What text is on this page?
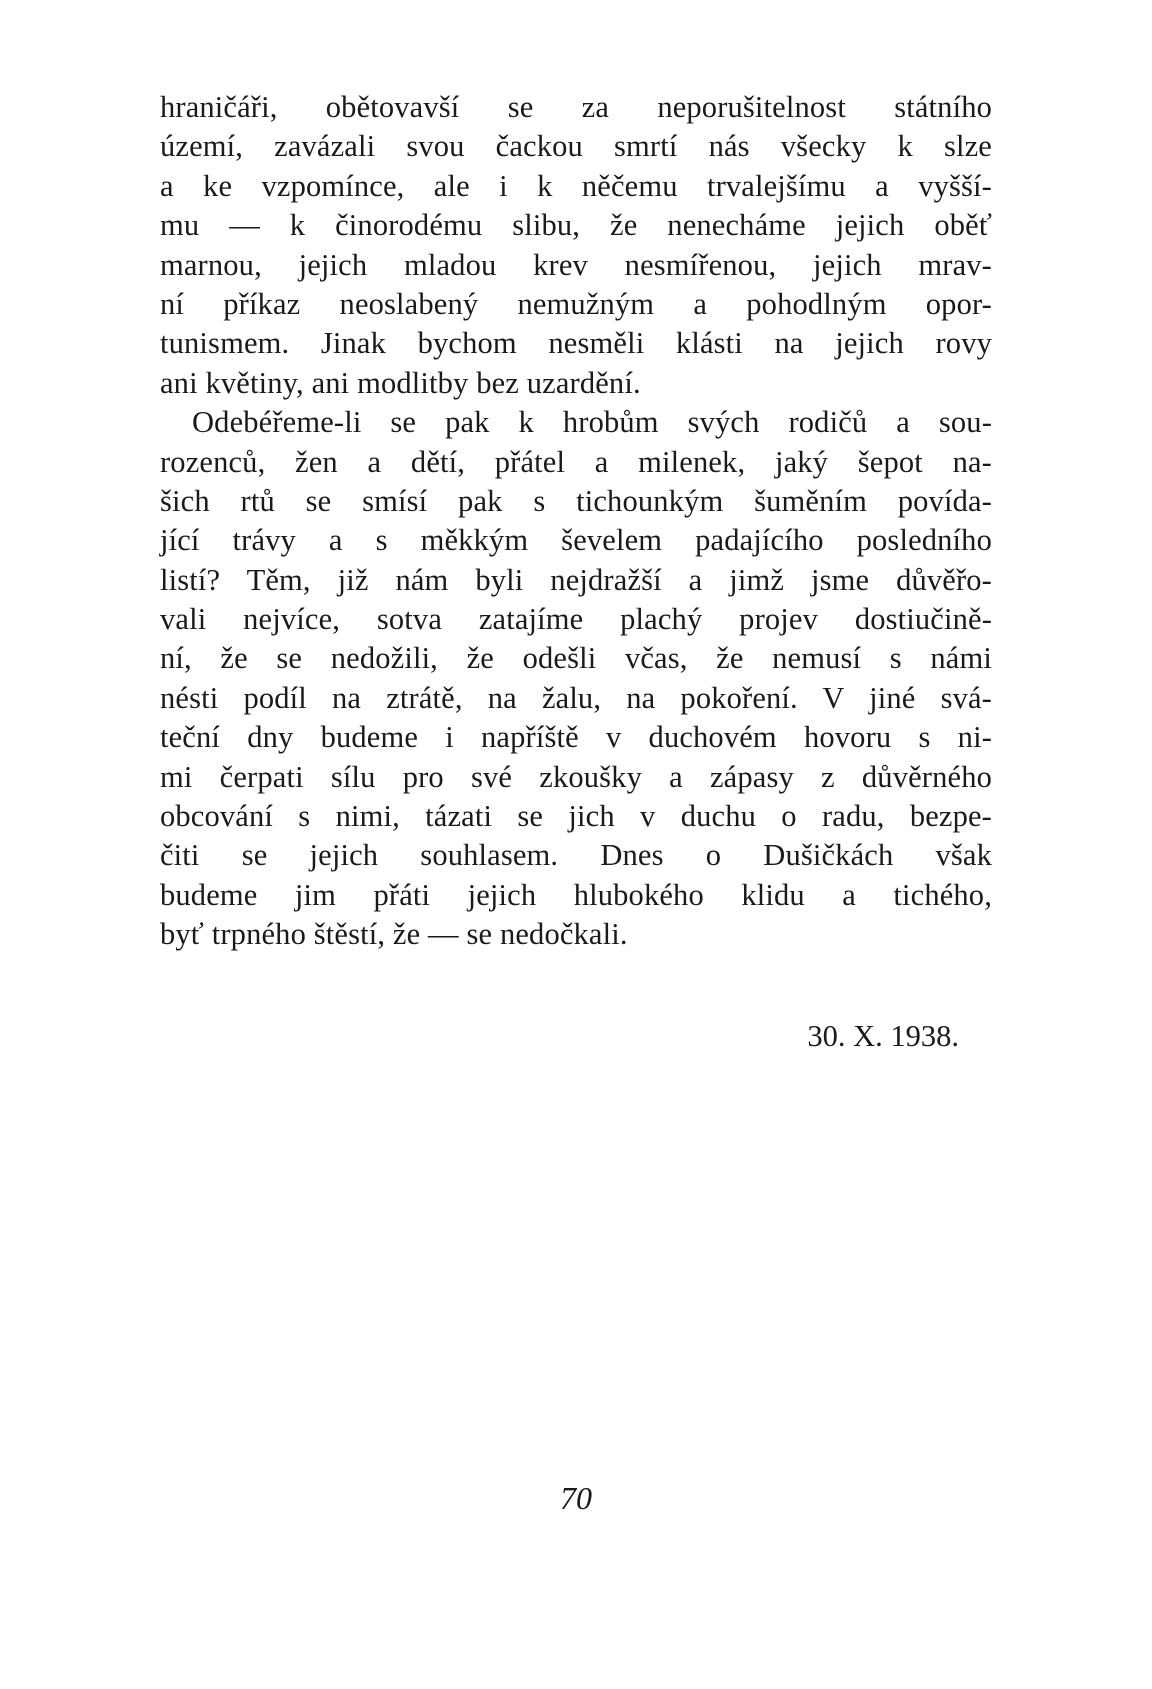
hraničáři, obětovavší se za neporušitelnost státního
území, zavázali svou čackou smrtí nás všecky k slze
a ke vzpomínce, ale i k něčemu trvalejšímu a vyšší-
mu — k činorodému slibu, že nenecháme jejich oběť
marnou, jejich mladou krev nesmířenou, jejich mrav-
ní příkaz neoslabený nemužným a pohodlným opor-
tunismem. Jinak bychom nesměli klásti na jejich rovy
ani květiny, ani modlitby bez uzardění.
Odebéřeme-li se pak k hrobům svých rodičů a sou-
rozenců, žen a dětí, přátel a milenek, jaký šepot na-
šich rtů se smísí pak s tichounkým šuměním povída-
jící trávy a s měkkým ševelem padajícího posledního
listí? Těm, již nám byli nejdražší a jimž jsme důvěřo-
vali nejvíce, sotva zatajíme plachý projev dostiučině-
ní, že se nedožili, že odešli včas, že nemusí s námi
nésti podíl na ztrátě, na žalu, na pokoření. V jiné svá-
teční dny budeme i napříště v duchovém hovoru s ni-
mi čerpati sílu pro své zkoušky a zápasy z důvěrného
obcování s nimi, tázati se jich v duchu o radu, bezpe-
čiti se jejich souhlasem. Dnes o Dušičkách však
budeme jim přáti jejich hlubokého klidu a tichého,
byť trpného štěstí, že — se nedočkali.
30. X. 1938.
70
